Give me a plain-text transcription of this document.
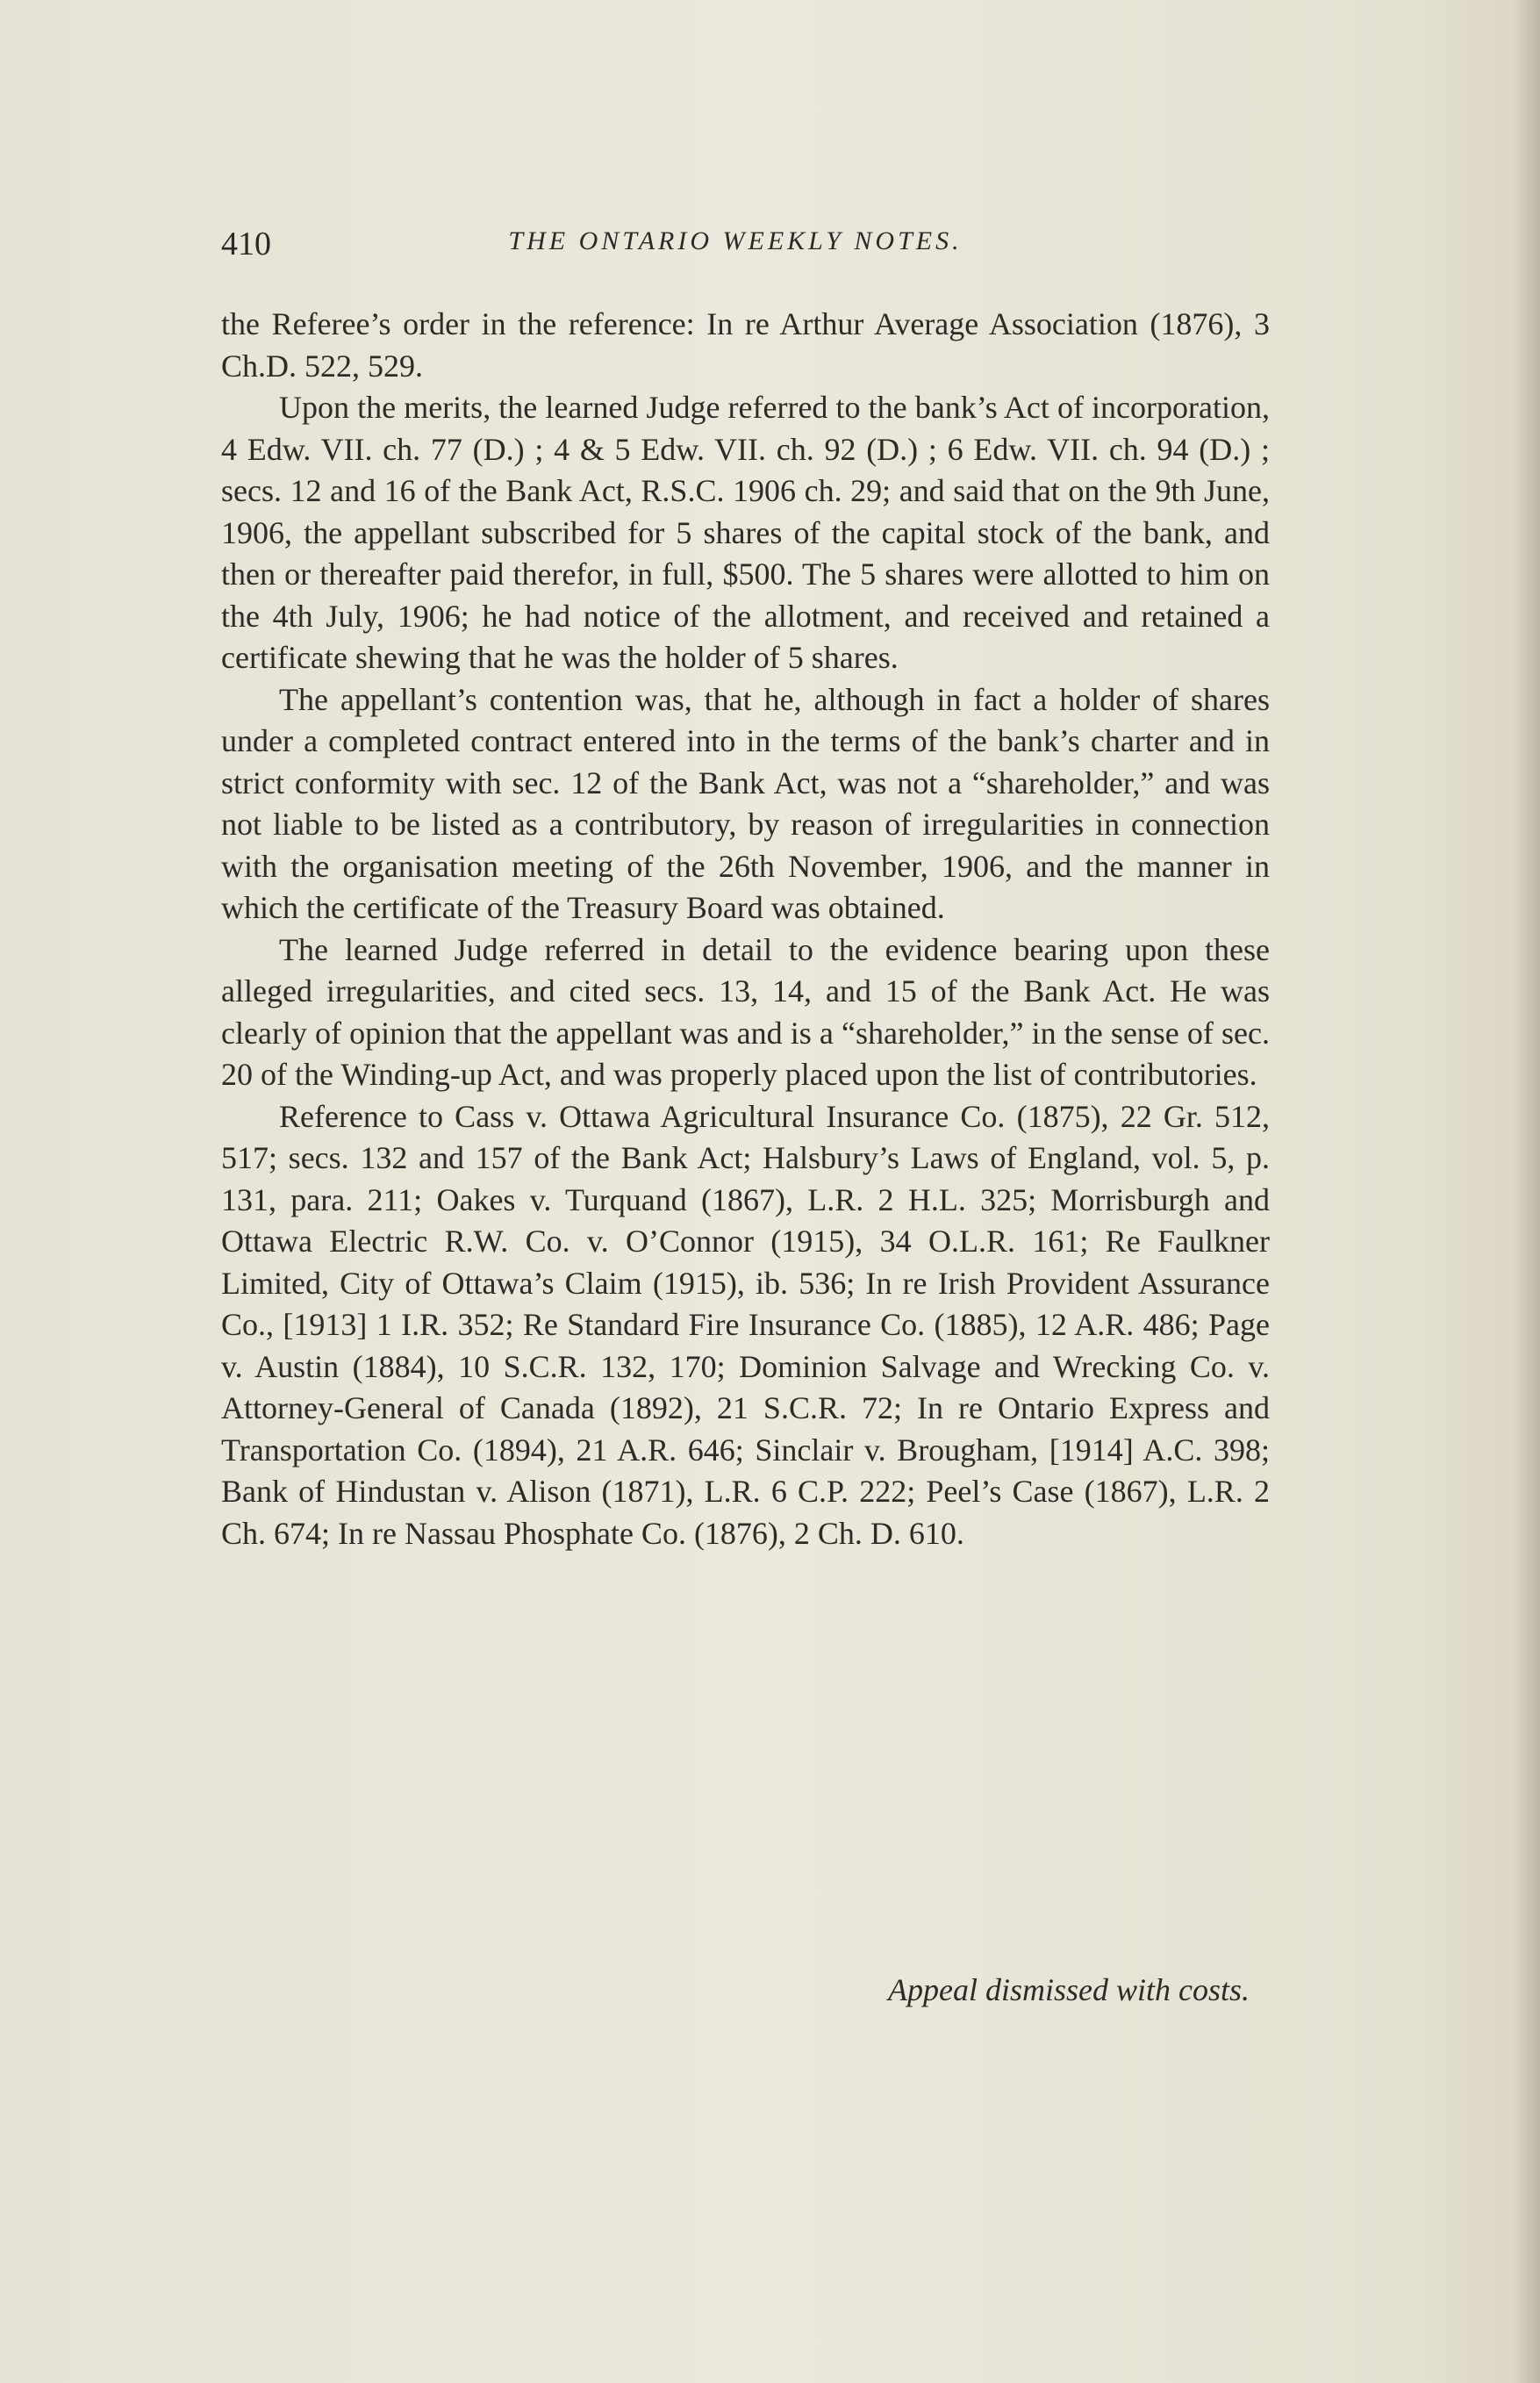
410	THE ONTARIO WEEKLY NOTES.

the Referee’s order in the reference: In re Arthur Average Association (1876), 3 Ch.D. 522, 529.

Upon the merits, the learned Judge referred to the bank’s Act of incorporation, 4 Edw. VII. ch. 77 (D.) ; 4 & 5 Edw. VII. ch. 92 (D.) ; 6 Edw. VII. ch. 94 (D.) ; secs. 12 and 16 of the Bank Act, R.S.C. 1906 ch. 29; and said that on the 9th June, 1906, the appellant subscribed for 5 shares of the capital stock of the bank, and then or thereafter paid therefor, in full, $500. The 5 shares were allotted to him on the 4th July, 1906; he had notice of the allotment, and received and retained a certificate shewing that he was the holder of 5 shares.

The appellant’s contention was, that he, although in fact a holder of shares under a completed contract entered into in the terms of the bank’s charter and in strict conformity with sec. 12 of the Bank Act, was not a “shareholder,” and was not liable to be listed as a contributory, by reason of irregularities in connection with the organisation meeting of the 26th November, 1906, and the manner in which the certificate of the Treasury Board was obtained.

The learned Judge referred in detail to the evidence bearing upon these alleged irregularities, and cited secs. 13, 14, and 15 of the Bank Act. He was clearly of opinion that the appellant was and is a “shareholder,” in the sense of sec. 20 of the Winding-up Act, and was properly placed upon the list of contributories.

Reference to Cass v. Ottawa Agricultural Insurance Co. (1875), 22 Gr. 512, 517; secs. 132 and 157 of the Bank Act; Halsbury’s Laws of England, vol. 5, p. 131, para. 211; Oakes v. Turquand (1867), L.R. 2 H.L. 325; Morrisburgh and Ottawa Electric R.W. Co. v. O’Connor (1915), 34 O.L.R. 161; Re Faulkner Limited, City of Ottawa’s Claim (1915), ib. 536; In re Irish Provident Assurance Co., [1913] 1 I.R. 352; Re Standard Fire Insurance Co. (1885), 12 A.R. 486; Page v. Austin (1884), 10 S.C.R. 132, 170; Dominion Salvage and Wrecking Co. v. Attorney-General of Canada (1892), 21 S.C.R. 72; In re Ontario Express and Transportation Co. (1894), 21 A.R. 646; Sinclair v. Brougham, [1914] A.C. 398; Bank of Hindustan v. Alison (1871), L.R. 6 C.P. 222; Peel’s Case (1867), L.R. 2 Ch. 674; In re Nassau Phosphate Co. (1876), 2 Ch. D. 610.

Appeal dismissed with costs.
